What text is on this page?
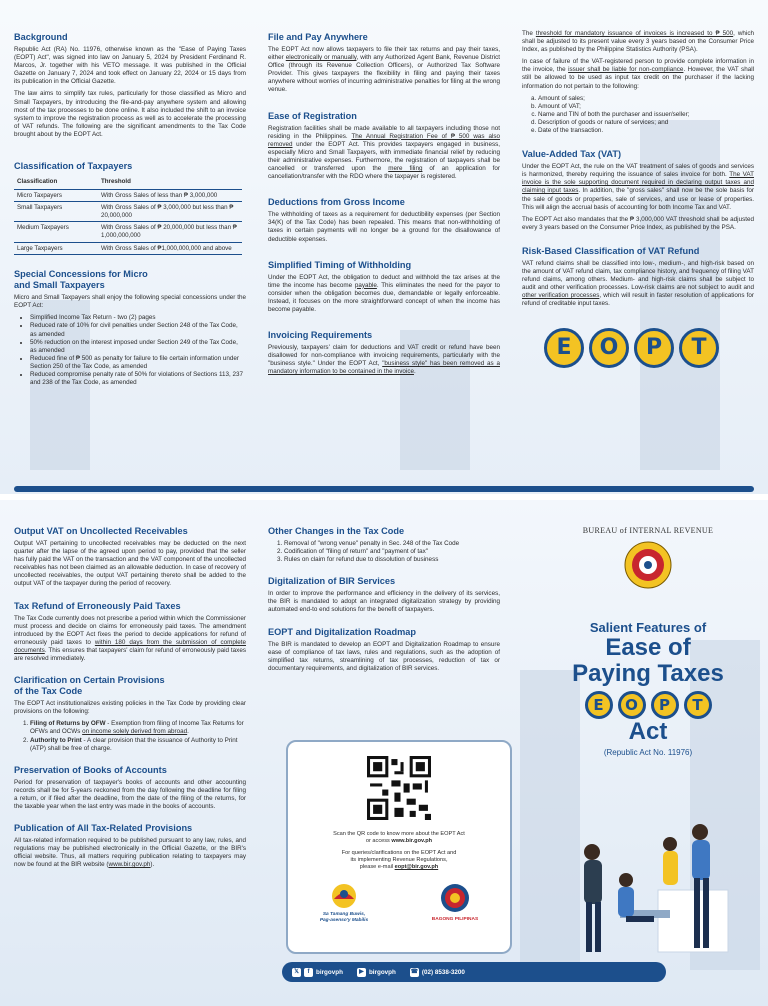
Background

Republic Act (RA) No. 11976, otherwise known as the "Ease of Paying Taxes (EOPT) Act", was signed into law on January 5, 2024 by President Ferdinand R. Marcos, Jr. together with his VETO message. It was published in the Official Gazette on January 7, 2024 and took effect on January 22, 2024 or 15 days from its publication in the Official Gazette.

The law aims to simplify tax rules, particularly for those classified as Micro and Small Taxpayers, by introducing the file-and-pay anywhere system and allowing most of the tax processes to be done online. It also included the shift to an invoice system to improve the registration process as well as to accelerate the processing of VAT refunds. The following are the significant amendments to the Tax Code brought about by the EOPT Act.

Classification of Taxpayers
Classification	Threshold
Micro Taxpayers	With Gross Sales of less than ₱ 3,000,000
Small Taxpayers	With Gross Sales of ₱ 3,000,000 but less than ₱ 20,000,000
Medium Taxpayers	With Gross Sales of ₱ 20,000,000 but less than ₱ 1,000,000,000
Large Taxpayers	With Gross Sales of ₱1,000,000,000 and above
Special Concessions for Micro
and Small Taxpayers

Micro and Small Taxpayers shall enjoy the following special concessions under the EOPT Act:

• Simplified Income Tax Return - two (2) pages
• Reduced rate of 10% for civil penalties under Section 248 of the Tax Code, as amended
• 50% reduction on the interest imposed under Section 249 of the Tax Code, as amended
• Reduced fine of ₱ 500 as penalty for failure to file certain information under Section 250 of the Tax Code, as amended
• Reduced compromise penalty rate of 50% for violations of Sections 113, 237 and 238 of the Tax Code, as amended
File and Pay Anywhere

The EOPT Act now allows taxpayers to file their tax returns and pay their taxes, either electronically or manually, with any Authorized Agent Bank, Revenue District Office (through its Revenue Collection Officers), or Authorized Tax Software Provider. This gives taxpayers the flexibility in filing and paying their taxes anywhere without worries of incurring administrative penalties for filing at the wrong venue.

Ease of Registration

Registration facilities shall be made available to all taxpayers including those not residing in the Philippines. The Annual Registration Fee of ₱ 500 was also removed under the EOPT Act. This provides taxpayers engaged in business, especially Micro and Small Taxpayers, with immediate financial relief by reducing their administrative expenses. Furthermore, the registration of taxpayers shall be cancelled or transferred upon the mere filing of an application for cancellation/transfer with the RDO where the taxpayer is registered.

Deductions from Gross Income

The withholding of taxes as a requirement for deductibility expenses (per Section 34(K) of the Tax Code) has been repealed. This means that non-withholding of taxes in certain payments will no longer be a ground for the disallowance of deductible expenses.

Simplified Timing of Withholding

Under the EOPT Act, the obligation to deduct and withhold the tax arises at the time the income has become payable. This eliminates the need for the payor to consider when the obligation becomes due, demandable or legally enforceable. Instead, it focuses on the more straightforward concept of when the income has become payable.

Invoicing Requirements

Previously, taxpayers' claim for deductions and VAT credit or refund have been disallowed for non-compliance with invoicing requirements, particularly with the "business style." Under the EOPT Act, "business style" has been removed as a mandatory information to be contained in the invoice.

The threshold for mandatory issuance of invoices is increased to ₱ 500, which shall be adjusted to its present value every 3 years based on the Consumer Price Index, as published by the Philippine Statistics Authority (PSA).

In case of failure of the VAT-registered person to provide complete information in the invoice, the issuer shall be liable for non-compliance. However, the VAT shall still be allowed to be used as input tax credit on the purchaser if the lacking information do not pertain to the following:

a. Amount of sales;
b. Amount of VAT;
c. Name and TIN of both the purchaser and issuer/seller;
d. Description of goods or nature of services; and
e. Date of the transaction.
Value-Added Tax (VAT)

Under the EOPT Act, the rule on the VAT treatment of sales of goods and services is harmonized, thereby requiring the issuance of sales invoice for both. The VAT invoice is the sole supporting document required in declaring output taxes and claiming input taxes. In addition, the "gross sales" shall now be the sole basis for the sale of goods or properties, sale of services, and use or lease of properties. This will align the accrual basis of accounting for both Income Tax and VAT.

The EOPT Act also mandates that the ₱ 3,000,000 VAT threshold shall be adjusted every 3 years based on the Consumer Price Index, as published by the PSA.

Risk-Based Classification of VAT Refund

VAT refund claims shall be classified into low-, medium-, and high-risk based on the amount of VAT refund claim, tax compliance history, and frequency of filing VAT refund claims, among others. Medium- and high-risk claims shall be subject to audit and other verification processes. Low-risk claims are not subject to audit and other verification processes, which will result in faster resolution of applications for refund of creditable input taxes.

E	O	P	T
Output VAT on Uncollected Receivables

Output VAT pertaining to uncollected receivables may be deducted on the next quarter after the lapse of the agreed upon period to pay, provided that the seller has fully paid the VAT on the transaction and the VAT component of the uncollected receivables has not been claimed as an allowable deduction. In case of recovery of uncollected receivables, the output VAT pertaining thereto shall be added to the output VAT of the taxpayer during the period of recovery.

Tax Refund of Erroneously Paid Taxes

The Tax Code currently does not prescribe a period within which the Commissioner must process and decide on claims for erroneously paid taxes. The amendment introduced by the EOPT Act fixes the period to decide applications for refund of erroneously paid taxes to within 180 days from the submission of complete documents. This ensures that taxpayers' claim for refund of erroneously paid taxes are resolved immediately.

Clarification on Certain Provisions
of the Tax Code

The EOPT Act institutionalizes existing policies in the Tax Code by providing clear provisions on the following:

1. Filing of Returns by OFW - Exemption from filing of Income Tax Returns for OFWs and OCWs on income solely derived from abroad.
2. Authority to Print - A clear provision that the issuance of Authority to Print (ATP) shall be free of charge.
Preservation of Books of Accounts

Period for preservation of taxpayer's books of accounts and other accounting records shall be for 5-years reckoned from the day following the deadline for filing a return, or if filed after the deadline, from the date of the filing of the returns, for the taxable year when the last entry was made in the books of accounts.

Publication of All Tax-Related Provisions

All tax-related information required to be published pursuant to any law, rules, and regulations may be published electronically in the Official Gazette, or the BIR's official website. Thus, all matters requiring publication relating to taxpayers may now be found at the BIR website (www.bir.gov.ph).

Other Changes in the Tax Code
1. Removal of "wrong venue" penalty in Sec. 248 of the Tax Code
2. Codification of "filing of return" and "payment of tax"
3. Rules on claim for refund due to dissolution of business
Digitalization of BIR Services

In order to improve the performance and efficiency in the delivery of its services, the BIR is mandated to adopt an integrated digitalization strategy by providing automated end-to end solutions for the benefit of taxpayers.

EOPT and Digitalization Roadmap

The BIR is mandated to develop an EOPT and Digitalization Roadmap to ensure ease of compliance of tax laws, rules and regulations, such as the adoption of simplified tax returns, streamlining of tax processes, reduction of tax or documentary requirements, and digitalization of BIR services.

Scan the QR code to know more about the EOPT Act
or access www.bir.gov.ph
For queries/clarifications on the EOPT Act and
its implementing Revenue Regulations,
please e-mail eopt@bir.gov.ph
Sa Tamang Buwis,
Pag-asenso'y Mabilis	BAGONG PILIPINAS
BUREAU of INTERNAL REVENUE
Salient Features of
Ease of
Paying Taxes
E	O	P	T
Act
(Republic Act No. 11976)
𝕏	f	birgovph	▶ birgovph ☎ (02) 8538-3200
